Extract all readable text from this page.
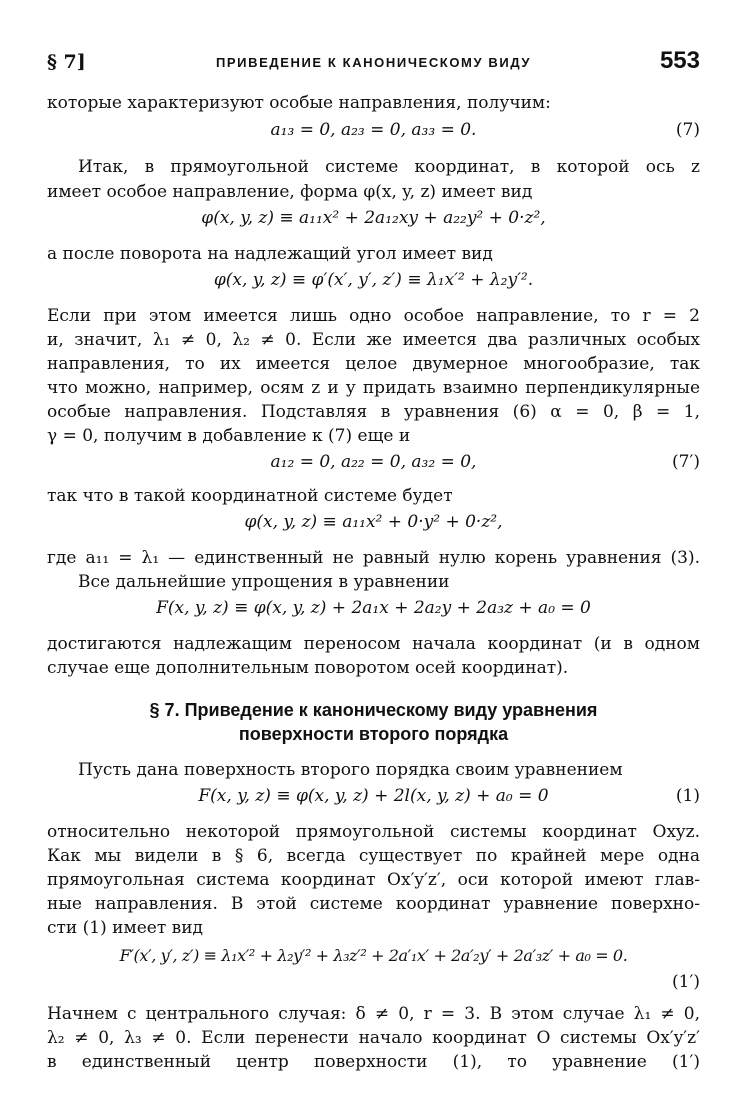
§ 7]	ПРИВЕДЕНИЕ К КАНОНИЧЕСКОМУ ВИДУ	553
которые характеризуют особые направления, получим:
a₁₃ = 0, a₂₃ = 0, a₃₃ = 0.	(7)
Итак, в прямоугольной системе координат, в которой ось z
имеет особое направление, форма φ(x, y, z) имеет вид
φ(x, y, z) ≡ a₁₁x² + 2a₁₂xy + a₂₂y² + 0·z²,
а после поворота на надлежащий угол имеет вид
φ(x, y, z) ≡ φ′(x′, y′, z′) ≡ λ₁x′² + λ₂y′².
Если при этом имеется лишь одно особое направление, то r = 2
и, значит, λ₁ ≠ 0, λ₂ ≠ 0. Если же имеется два различных особых
направления, то их имеется целое двумерное многообразие, так
что можно, например, осям z и y придать взаимно перпендикулярные
особые направления. Подставляя в уравнения (6) α = 0, β = 1,
γ = 0, получим в добавление к (7) еще и
a₁₂ = 0, a₂₂ = 0, a₃₂ = 0,	(7′)
так что в такой координатной системе будет
φ(x, y, z) ≡ a₁₁x² + 0·y² + 0·z²,
где a₁₁ = λ₁ — единственный не равный нулю корень уравнения (3).
Все дальнейшие упрощения в уравнении
F(x, y, z) ≡ φ(x, y, z) + 2a₁x + 2a₂y + 2a₃z + a₀ = 0
достигаются надлежащим переносом начала координат (и в одном
случае еще дополнительным поворотом осей координат).
§ 7. Приведение к каноническому виду уравнения
поверхности второго порядка
Пусть дана поверхность второго порядка своим уравнением
F(x, y, z) ≡ φ(x, y, z) + 2l(x, y, z) + a₀ = 0	(1)
относительно некоторой прямоугольной системы координат Oxyz.
Как мы видели в § 6, всегда существует по крайней мере одна
прямоугольная система координат Ox′y′z′, оси которой имеют глав-
ные направления. В этой системе координат уравнение поверхно-
сти (1) имеет вид
F′(x′, y′, z′) ≡ λ₁x′² + λ₂y′² + λ₃z′² + 2a′₁x′ + 2a′₂y′ + 2a′₃z′ + a₀ = 0.
(1′)
Начнем с центрального случая: δ ≠ 0, r = 3. В этом случае λ₁ ≠ 0,
λ₂ ≠ 0, λ₃ ≠ 0. Если перенести начало координат O системы Ox′y′z′
в единственный центр поверхности (1), то уравнение (1′)
